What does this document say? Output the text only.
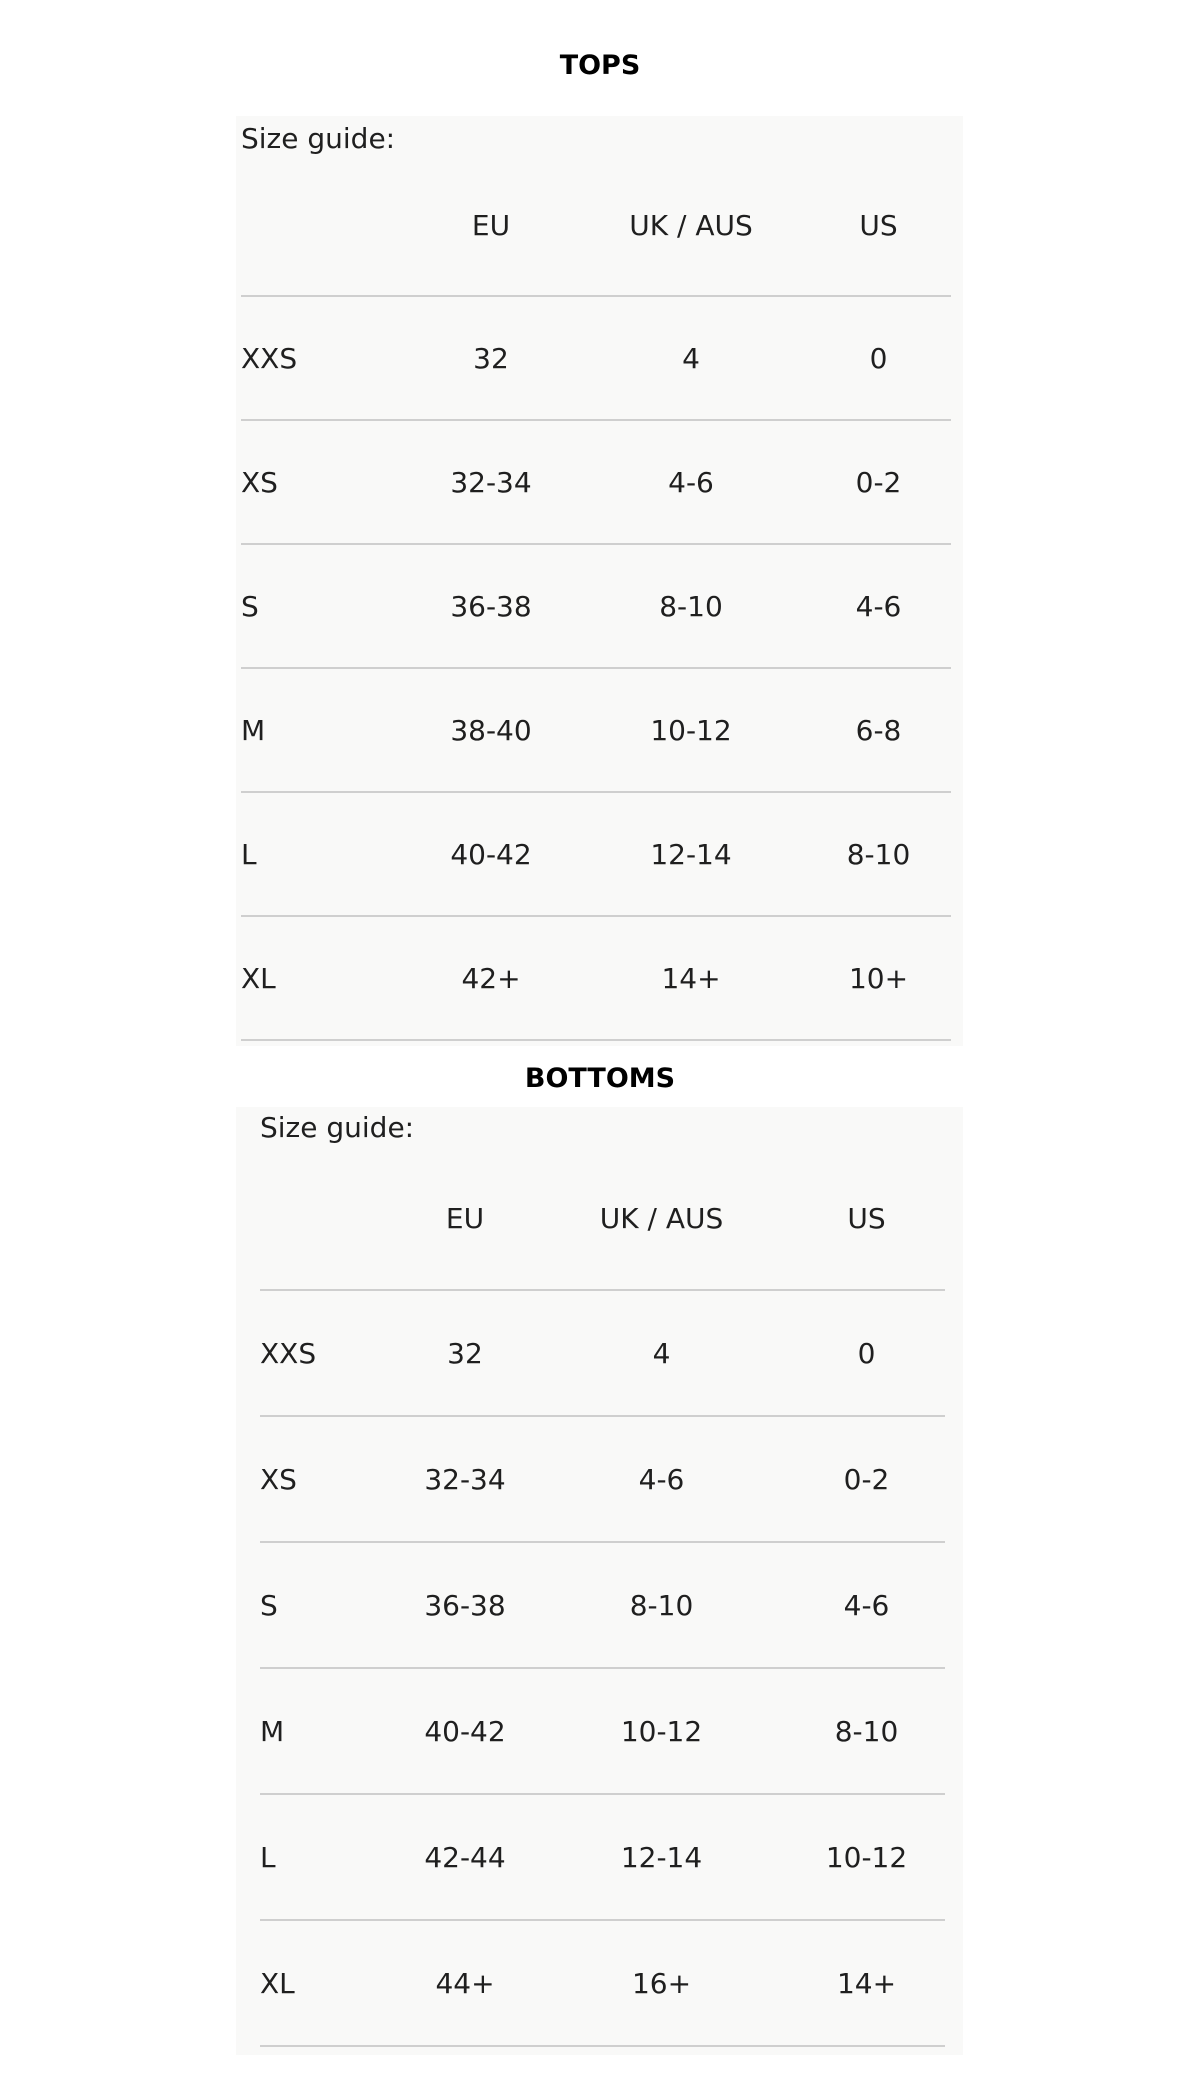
TOPS

Size guide:

	EU	UK / AUS	US
XXS	32	4	0
XS	32-34	4-6	0-2
S	36-38	8-10	4-6
M	38-40	10-12	6-8
L	40-42	12-14	8-10
XL	42+	14+	10+
BOTTOMS

Size guide:

	EU	UK / AUS	US
XXS	32	4	0
XS	32-34	4-6	0-2
S	36-38	8-10	4-6
M	40-42	10-12	8-10
L	42-44	12-14	10-12
XL	44+	16+	14+
